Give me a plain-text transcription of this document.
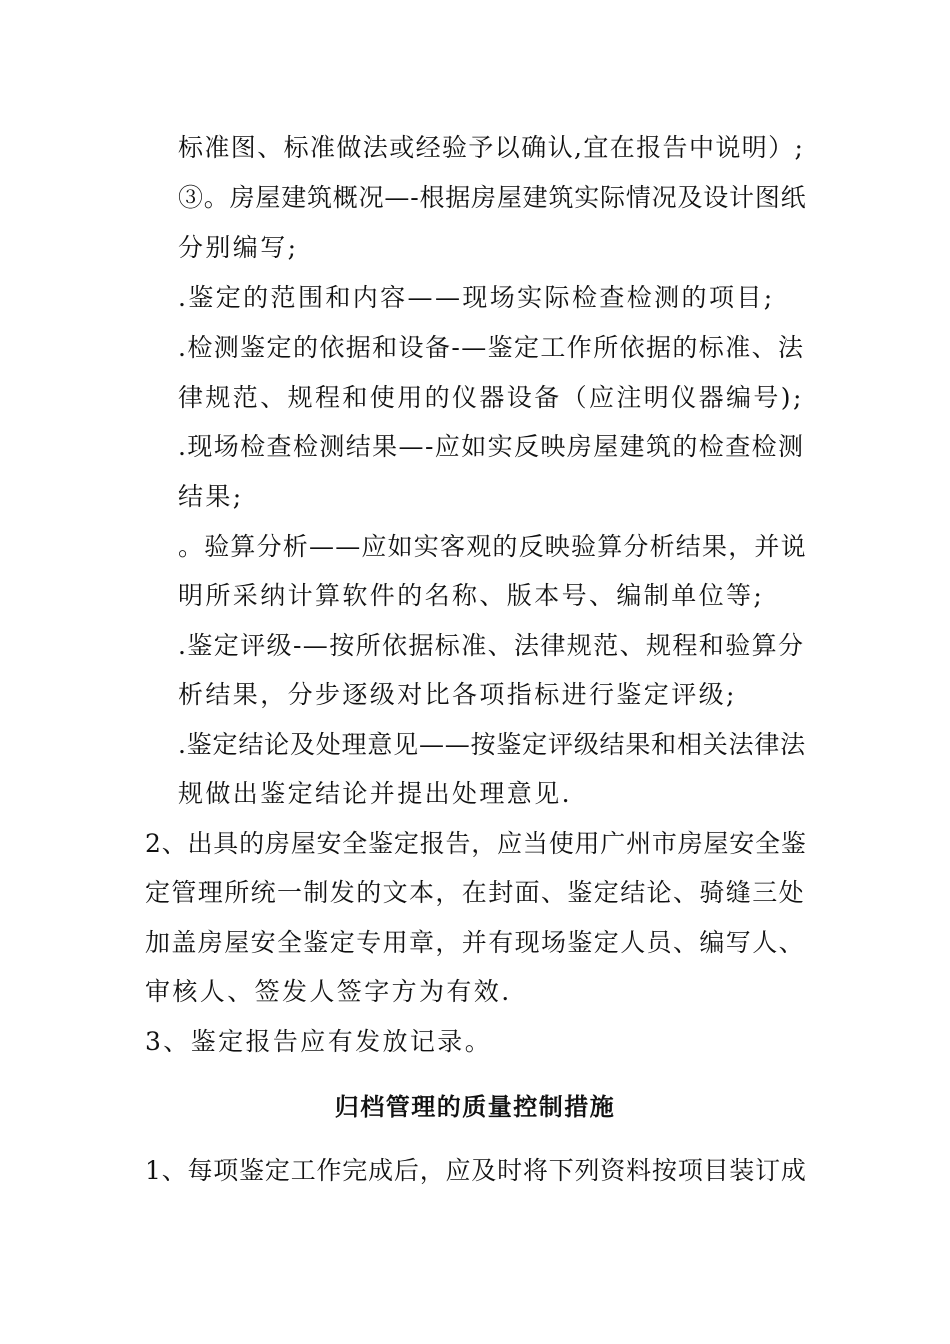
标准图、标准做法或经验予以确认,宜在报告中说明）;
③。房屋建筑概况—-根据房屋建筑实际情况及设计图纸
分别编写;
.鉴定的范围和内容——现场实际检查检测的项目;
.检测鉴定的依据和设备-—鉴定工作所依据的标准、法
律规范、规程和使用的仪器设备（应注明仪器编号);
.现场检查检测结果—-应如实反映房屋建筑的检查检测
结果;
。验算分析——应如实客观的反映验算分析结果，并说
明所采纳计算软件的名称、版本号、编制单位等;
.鉴定评级-—按所依据标准、法律规范、规程和验算分
析结果，分步逐级对比各项指标进行鉴定评级;
.鉴定结论及处理意见——按鉴定评级结果和相关法律法
规做出鉴定结论并提出处理意见.
2、出具的房屋安全鉴定报告，应当使用广州市房屋安全鉴
定管理所统一制发的文本，在封面、鉴定结论、骑缝三处
加盖房屋安全鉴定专用章，并有现场鉴定人员、编写人、
审核人、签发人签字方为有效.
3、鉴定报告应有发放记录。
归档管理的质量控制措施
1、每项鉴定工作完成后，应及时将下列资料按项目装订成
